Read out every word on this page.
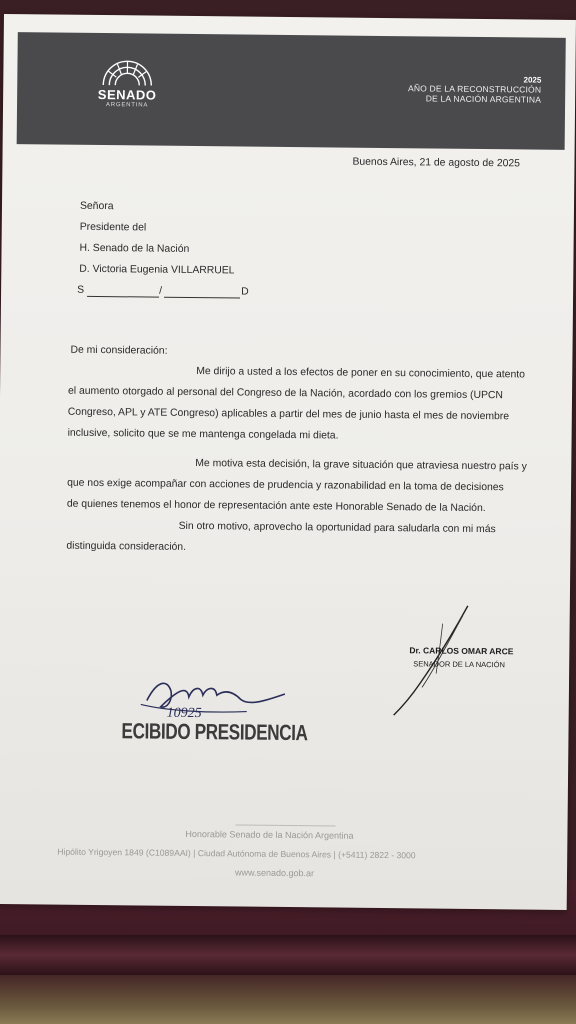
SENADO
ARGENTINA
2025
AÑO DE LA RECONSTRUCCIÓN
DE LA NACIÓN ARGENTINA
Buenos Aires, 21 de agosto de 2025
Señora
Presidente del
H. Senado de la Nación
D. Victoria Eugenia VILLARRUEL
S	/	D
De mi consideración:
Me dirijo a usted a los efectos de poner en su conocimiento, que atento
el aumento otorgado al personal del Congreso de la Nación, acordado con los gremios (UPCN
Congreso, APL y ATE Congreso) aplicables a partir del mes de junio hasta el mes de noviembre
inclusive, solicito que se me mantenga congelada mi dieta.
Me motiva esta decisión, la grave situación que atraviesa nuestro país y
que nos exige acompañar con acciones de prudencia y razonabilidad en la toma de decisiones
de quienes tenemos el honor de representación ante este Honorable Senado de la Nación.
Sin otro motivo, aprovecho la oportunidad para saludarla con mi más
distinguida consideración.
Dr. CARLOS OMAR ARCE
SENADOR DE LA NACIÓN
10925
ECIBIDO PRESIDENCIA
Honorable Senado de la Nación Argentina
Hipólito Yrigoyen 1849 (C1089AAI) | Ciudad Autónoma de Buenos Aires | (+5411) 2822 - 3000
www.senado.gob.ar
